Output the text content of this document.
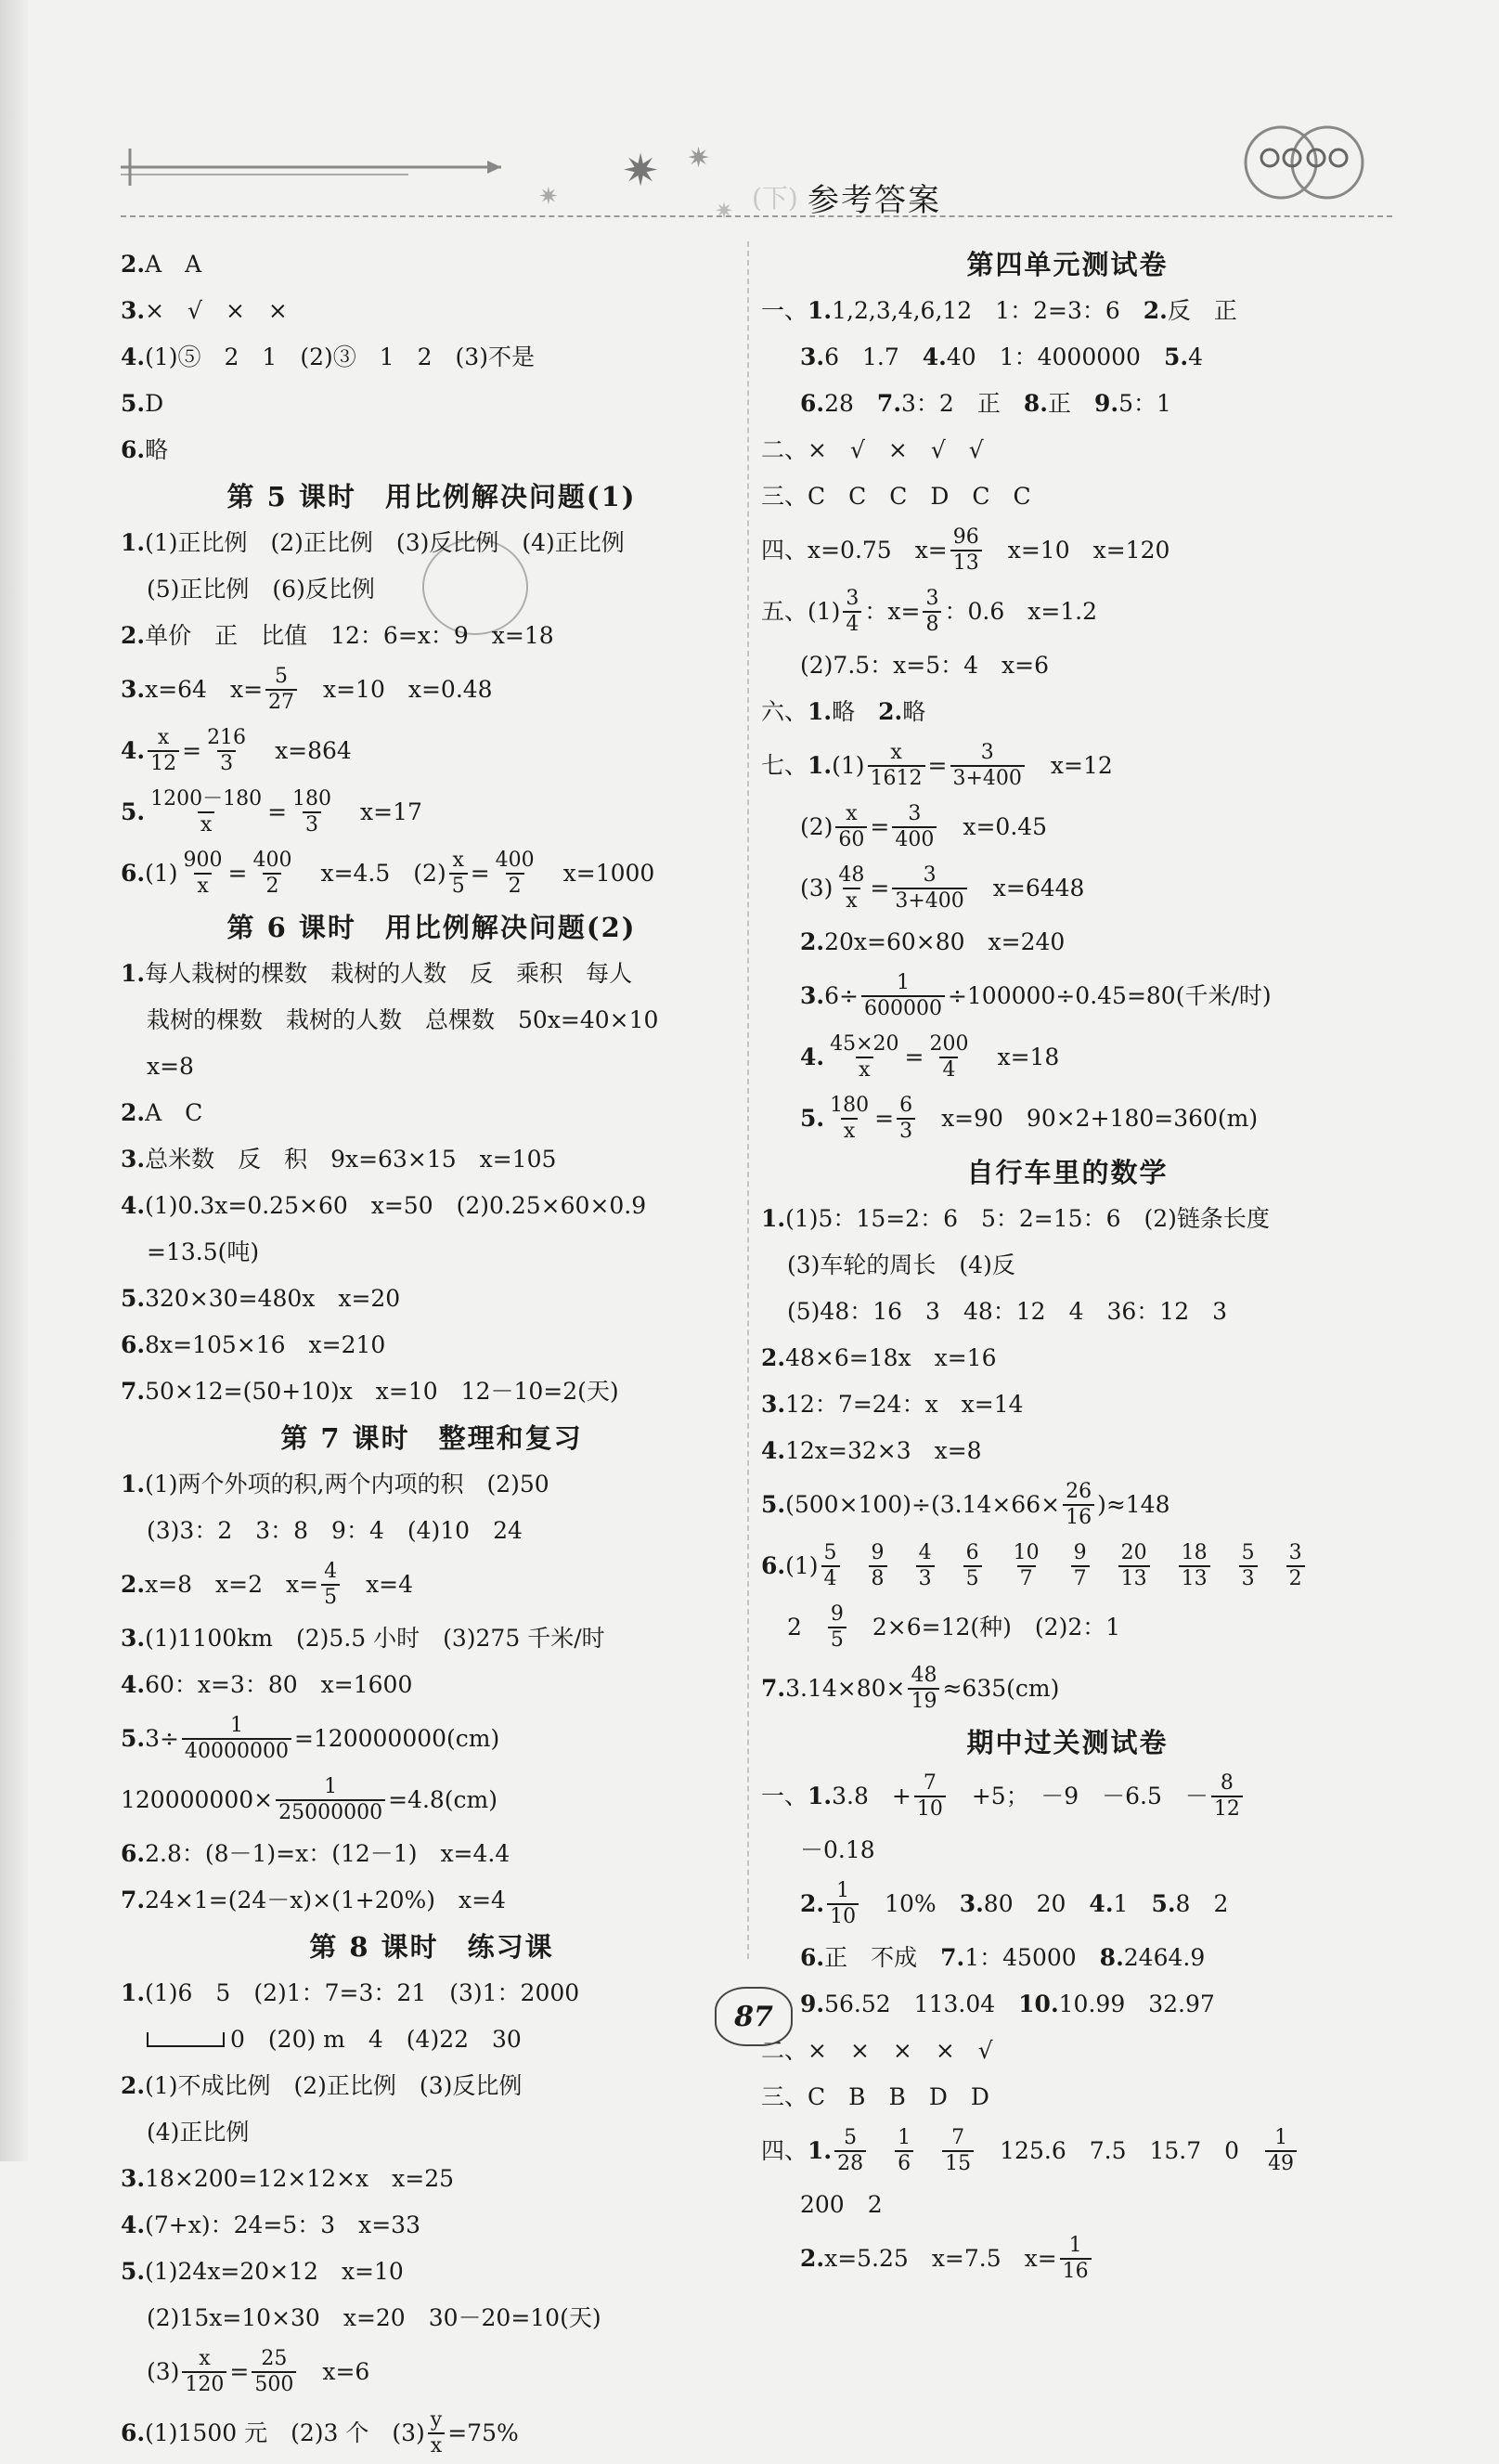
✷ ✷
✷	✷ (下) 参考答案
2. A　A
3. ×　√　×　×
4. (1)⑤　2　1　(2)③　1　2　(3)不是
5. D
6. 略
第 5 课时　用比例解决问题(1)
1. (1)正比例　(2)正比例　(3)反比例　(4)正比例
(5)正比例　(6)反比例
2. 单价　正　比值　12：6=x：9　x=18
3. x=64　$x= \frac{5}{27}$ 　x=10　x=0.48
4. $\frac{x}{12} = \frac{216}{3}$ 　x=864
5. $\frac{1200-180}{x} = \frac{180}{3}$ 　x=17
6. $(1) \frac{900}{x} = \frac{400}{2}$ 　x=4.5　$(2) \frac{x}{5} = \frac{400}{2}$ 　x=1000
第 6 课时　用比例解决问题(2)
1. 每人栽树的棵数　栽树的人数　反　乘积　每人
栽树的棵数　栽树的人数　总棵数　50x=40×10
x=8
2. A　C
3. 总米数　反　积　9x=63×15　x=105
4. (1)0.3x=0.25×60　x=50　(2)0.25×60×0.9
=13.5(吨)
5. 320×30=480x　x=20
6. 8x=105×16　x=210
7. 50×12=(50+10)x　x=10　12－10=2(天)
第 7 课时　整理和复习
1. (1)两个外项的积,两个内项的积　(2)50
(3)3：2　3：8　9：4　(4)10　24
2. x=8　x=2　$x= \frac{4}{5}$ 　x=4
3. (1)1100km　(2)5.5 小时　(3)275 千米/时
4. 60：x=3：80　x=1600
5. $3\div \frac{1}{40000000} =120000000(cm)$
$120000000\times \frac{1}{25000000} =4.8(cm)$
6. 2.8：(8－1)=x：(12－1)　x=4.4
7. 24×1=(24－x)×(1+20%)　x=4
第 8 课时　练习课
1. (1)6　5　(2)1：7=3：21　(3)1：2000
0　(20) m　4　(4)22　30
2. (1)不成比例　(2)正比例　(3)反比例
(4)正比例
3. 18×200=12×12×x　x=25
4. (7+x)：24=5：3　x=33
5. (1)24x=20×12　x=10
(2)15x=10×30　x=20　30－20=10(天)
$(3) \frac{x}{120} = \frac{25}{500}$ 　x=6
6. (1)1500 元　(2)3 个　$(3) \frac{y}{x} =75\%$
第四单元测试卷
一、 1. 1,2,3,4,6,12　1：2=3：6　 2. 反　正
3. 6　1.7　 4. 40　1：4000000　 5. 4
6. 28　 7. 3：2　正　 8. 正　 9. 5：1
二、×　√　×　√　√
三、C　C　C　D　C　C
四、x=0.75　$x= \frac{96}{13}$ 　x=10　x=120
五、$(1) \frac{3}{4}$ ：$x= \frac{3}{8}$ ：0.6　x=1.2
(2)7.5：x=5：4　x=6
六、 1. 略　 2. 略
七、 1. $(1) \frac{x}{1612} = \frac{3}{3+400}$ 　x=12
$(2) \frac{x}{60} = \frac{3}{400}$ 　x=0.45
$(3) \frac{48}{x} = \frac{3}{3+400}$ 　x=6448
2. 20x=60×80　x=240
3. $6\div \frac{1}{600000} \div 100000\div 0.45=80$(千米/时)
4. $\frac{45\times 20}{x} = \frac{200}{4}$ 　x=18
5. $\frac{180}{x} = \frac{6}{3}$ 　x=90　90×2+180=360(m)
自行车里的数学
1. (1)5：15=2：6　5：2=15：6　(2)链条长度
(3)车轮的周长　(4)反
(5)48：16　3　48：12　4　36：12　3
2. 48×6=18x　x=16
3. 12：7=24：x　x=14
4. 12x=32×3　x=8
5. $(500\times 100)\div(3.14\times 66\times \frac{26}{16} )\approx 148$
6. $(1) \frac{5}{4}$
　 $\frac{9}{8}$
　 $\frac{4}{3}$
　 $\frac{6}{5}$
　 $\frac{10}{7}$
　 $\frac{9}{7}$
　 $\frac{20}{13}$
　 $\frac{18}{13}$
　 $\frac{5}{3}$
　 $\frac{3}{2}$
2　 $\frac{9}{5}$ 　2×6=12(种)　(2)2：1
7. $3.14\times 80\times \frac{48}{19} \approx 635(cm)$
期中过关测试卷
一、 1. 3.8　+ $\frac{7}{10}$ 　+5；　－9　－6.5　－ $\frac{8}{12}$
－0.18
2. $\frac{1}{10}$ 　10%　 3. 80　20　 4. 1　 5. 8　2
6. 正　不成　 7. 1：45000　 8. 2464.9
9. 56.52　113.04　 10. 10.99　32.97
二、×　×　×　×　√
三、C　B　B　D　D
四、 1. $\frac{5}{28}$
　 $\frac{1}{6}$
　 $\frac{7}{15}$ 　125.6　7.5　15.7　0　 $\frac{1}{49}$
200　2
2. x=5.25　x=7.5　$x= \frac{1}{16}$
87
